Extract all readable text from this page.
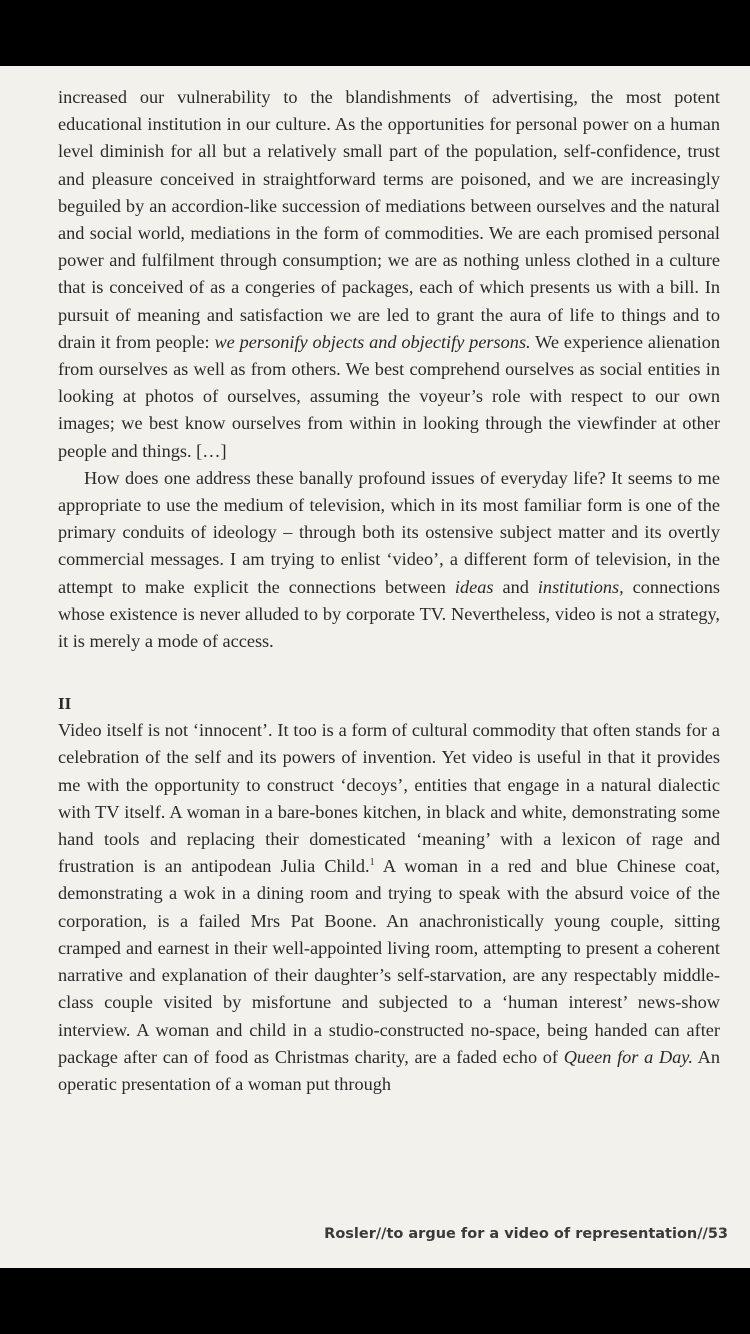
increased our vulnerability to the blandishments of advertising, the most potent educational institution in our culture. As the opportunities for personal power on a human level diminish for all but a relatively small part of the population, self-confidence, trust and pleasure conceived in straightforward terms are poisoned, and we are increasingly beguiled by an accordion-like succession of mediations between ourselves and the natural and social world, mediations in the form of commodities. We are each promised personal power and fulfilment through consumption; we are as nothing unless clothed in a culture that is conceived of as a congeries of packages, each of which presents us with a bill. In pursuit of meaning and satisfaction we are led to grant the aura of life to things and to drain it from people: we personify objects and objectify persons. We experience alienation from ourselves as well as from others. We best comprehend ourselves as social entities in looking at photos of ourselves, assuming the voyeur’s role with respect to our own images; we best know ourselves from within in looking through the viewfinder at other people and things. […]

How does one address these banally profound issues of everyday life? It seems to me appropriate to use the medium of television, which in its most familiar form is one of the primary conduits of ideology – through both its ostensive subject matter and its overtly commercial messages. I am trying to enlist ‘video’, a different form of television, in the attempt to make explicit the connections between ideas and institutions, connections whose existence is never alluded to by corporate TV. Nevertheless, video is not a strategy, it is merely a mode of access.

II

Video itself is not ‘innocent’. It too is a form of cultural commodity that often stands for a celebration of the self and its powers of invention. Yet video is useful in that it provides me with the opportunity to construct ‘decoys’, entities that engage in a natural dialectic with TV itself. A woman in a bare-bones kitchen, in black and white, demonstrating some hand tools and replacing their domesticated ‘meaning’ with a lexicon of rage and frustration is an antipodean Julia Child.$^1$ A woman in a red and blue Chinese coat, demonstrating a wok in a dining room and trying to speak with the absurd voice of the corporation, is a failed Mrs Pat Boone. An anachronistically young couple, sitting cramped and earnest in their well-appointed living room, attempting to present a coherent narrative and explanation of their daughter’s self-starvation, are any respectably middle-class couple visited by misfortune and subjected to a ‘human interest’ news-show interview. A woman and child in a studio-constructed no-space, being handed can after package after can of food as Christmas charity, are a faded echo of Queen for a Day. An operatic presentation of a woman put through

Rosler//to argue for a video of representation//53
